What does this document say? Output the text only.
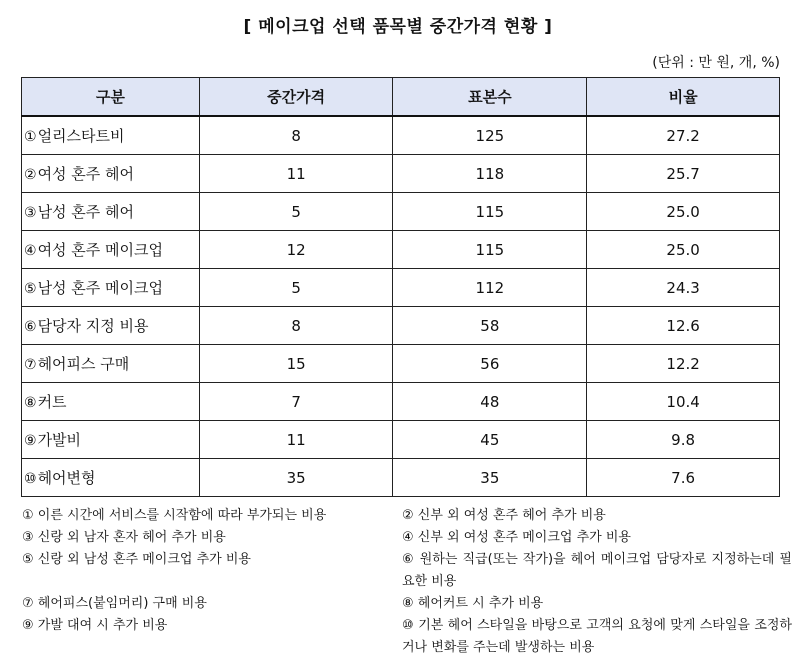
[ 메이크업 선택 품목별 중간가격 현황 ]
(단위 : 만 원, 개, %)
구분	중간가격	표본수	비율
①얼리스타트비	8	125	27.2
②여성 혼주 헤어	11	118	25.7
③남성 혼주 헤어	5	115	25.0
④여성 혼주 메이크업	12	115	25.0
⑤남성 혼주 메이크업	5	112	24.3
⑥담당자 지정 비용	8	58	12.6
⑦헤어피스 구매	15	56	12.2
⑧커트	7	48	10.4
⑨가발비	11	45	9.8
⑩헤어변형	35	35	7.6
① 이른 시간에 서비스를 시작함에 따라 부가되는 비용	② 신부 외 여성 혼주 헤어 추가 비용
③ 신랑 외 남자 혼자 헤어 추가 비용	④ 신부 외 여성 혼주 메이크업 추가 비용
⑤ 신랑 외 남성 혼주 메이크업 추가 비용	⑥ 원하는 직급(또는 작가)을 헤어 메이크업 담당자로 지정하는데 필요한 비용
⑦ 헤어피스(붙임머리) 구매 비용	⑧ 헤어커트 시 추가 비용
⑨ 가발 대여 시 추가 비용	⑩ 기본 헤어 스타일을 바탕으로 고객의 요청에 맞게 스타일을 조정하거나 변화를 주는데 발생하는 비용
